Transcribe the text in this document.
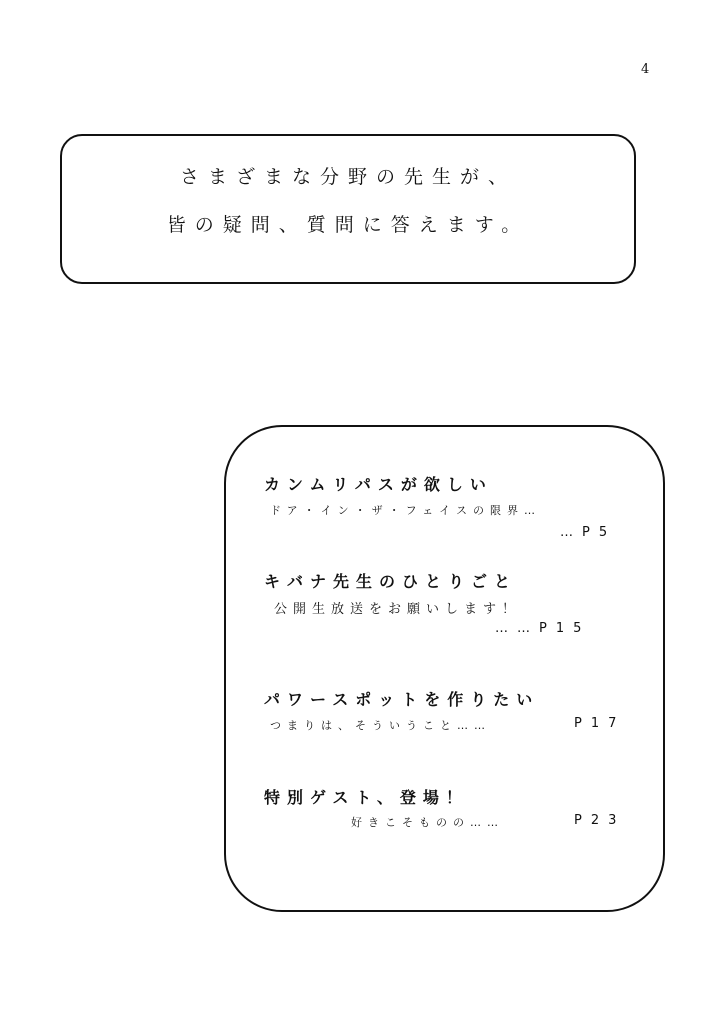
4
さまざまな分野の先生が、
皆の疑問、質問に答えます。
カンムリパスが欲しい
ドア・イン・ザ・フェイスの限界…
…P5
キバナ先生のひとりごと
公開生放送をお願いします！
……P15
パワースポットを作りたい
つまりは、そういうこと……	P17
特別ゲスト、登場！
好きこそものの……	P23
